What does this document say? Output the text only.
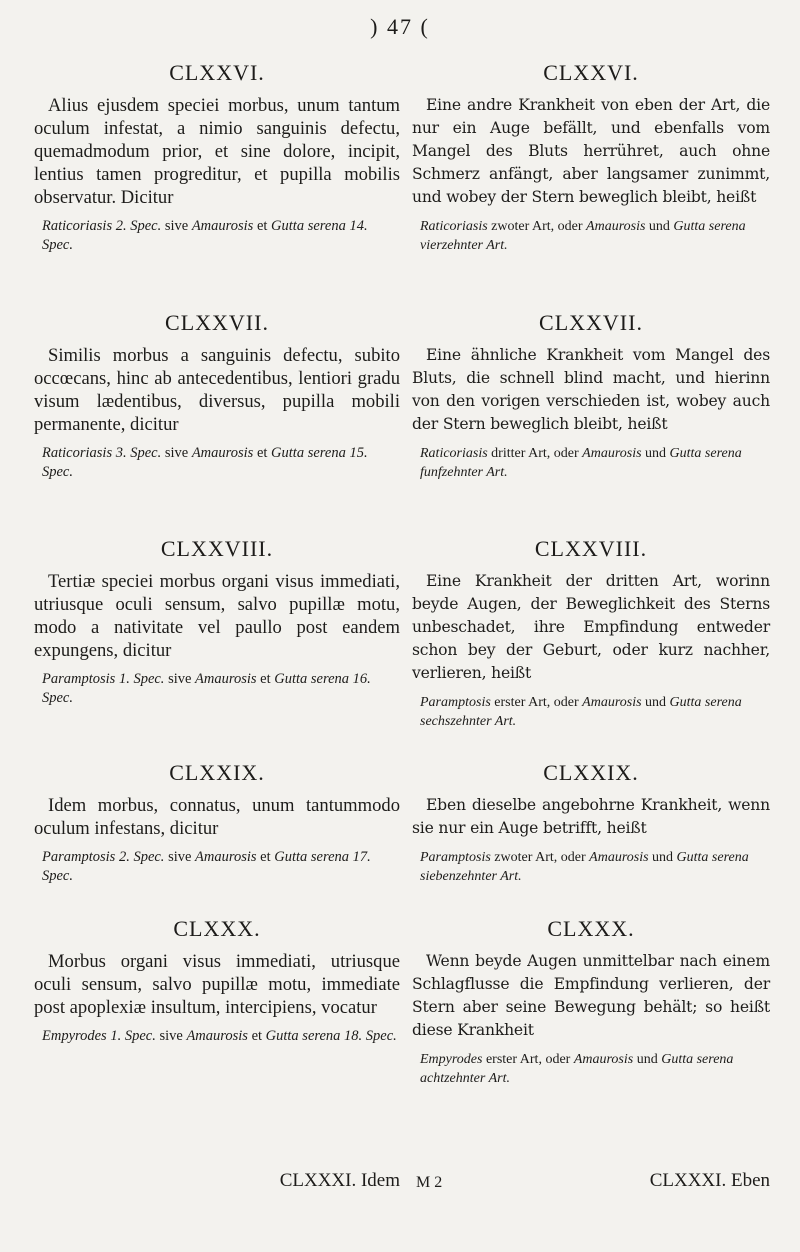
) 47 (
CLXXVI.

Alius ejusdem speciei morbus, unum tantum oculum infestat, a nimio sanguinis defectu, quemadmodum prior, et sine dolore, incipit, lentius tamen progreditur, et pupilla mobilis observatur. Dicitur

Raticoriasis 2. Spec. sive Amaurosis et Gutta serena 14. Spec.
CLXXVII.

Similis morbus a sanguinis defectu, subito occœcans, hinc ab antecedentibus, lentiori gradu visum lædentibus, diversus, pupilla mobili permanente, dicitur

Raticoriasis 3. Spec. sive Amaurosis et Gutta serena 15. Spec.
CLXXVIII.

Tertiæ speciei morbus organi visus immediati, utriusque oculi sensum, salvo pupillæ motu, modo a nativitate vel paullo post eandem expungens, dicitur

Paramptosis 1. Spec. sive Amaurosis et Gutta serena 16. Spec.
CLXXIX.

Idem morbus, connatus, unum tantummodo oculum infestans, dicitur

Paramptosis 2. Spec. sive Amaurosis et Gutta serena 17. Spec.
CLXXX.

Morbus organi visus immediati, utriusque oculi sensum, salvo pupillæ motu, immediate post apoplexiæ insultum, intercipiens, vocatur

Empyrodes 1. Spec. sive Amaurosis et Gutta serena 18. Spec.
CLXXXI. Idem
CLXXVI.

Eine andre Krankheit von eben der Art, die nur ein Auge befällt, und ebenfalls vom Mangel des Bluts herrühret, auch ohne Schmerz anfängt, aber langsamer zunimmt, und wobey der Stern beweglich bleibt, heißt

Raticoriasis zwoter Art, oder Amaurosis und Gutta serena vierzehnter Art.
CLXXVII.

Eine ähnliche Krankheit vom Mangel des Bluts, die schnell blind macht, und hierinn von den vorigen verschieden ist, wobey auch der Stern beweglich bleibt, heißt

Raticoriasis dritter Art, oder Amaurosis und Gutta serena funfzehnter Art.
CLXXVIII.

Eine Krankheit der dritten Art, worinn beyde Augen, der Beweglichkeit des Sterns unbeschadet, ihre Empfindung entweder schon bey der Geburt, oder kurz nachher, verlieren, heißt

Paramptosis erster Art, oder Amaurosis und Gutta serena sechszehnter Art.
CLXXIX.

Eben dieselbe angebohrne Krankheit, wenn sie nur ein Auge betrifft, heißt

Paramptosis zwoter Art, oder Amaurosis und Gutta serena siebenzehnter Art.
CLXXX.

Wenn beyde Augen unmittelbar nach einem Schlagflusse die Empfindung verlieren, der Stern aber seine Bewegung behält; so heißt diese Krankheit

Empyrodes erster Art, oder Amaurosis und Gutta serena achtzehnter Art.
M 2	CLXXXI. Eben
